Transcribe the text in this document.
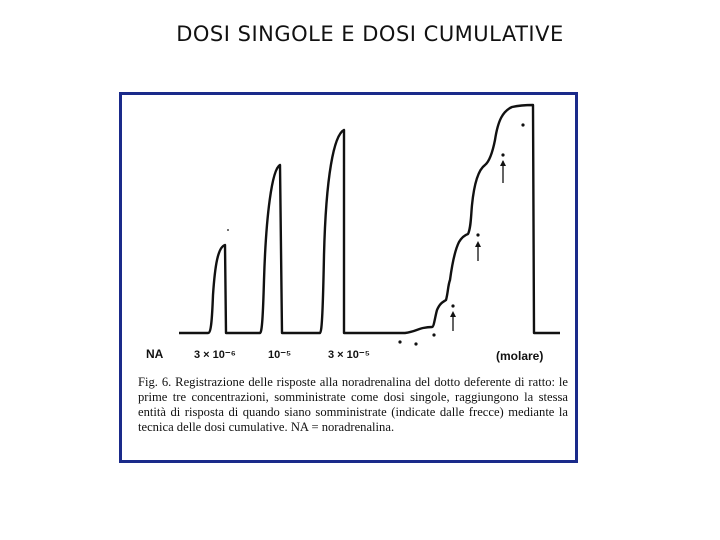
DOSI SINGOLE E DOSI CUMULATIVE
NA	3 × 10⁻⁶	10⁻⁵	3 × 10⁻⁵	(molare)
Fig. 6. Registrazione delle risposte alla noradrenalina del dotto deferente di ratto: le prime tre concentrazioni, somministrate come dosi singole, raggiungono la stessa entità di risposta di quando siano somministrate (indicate dalle frecce) mediante la tecnica delle dosi cumulative. NA = noradrenalina.
